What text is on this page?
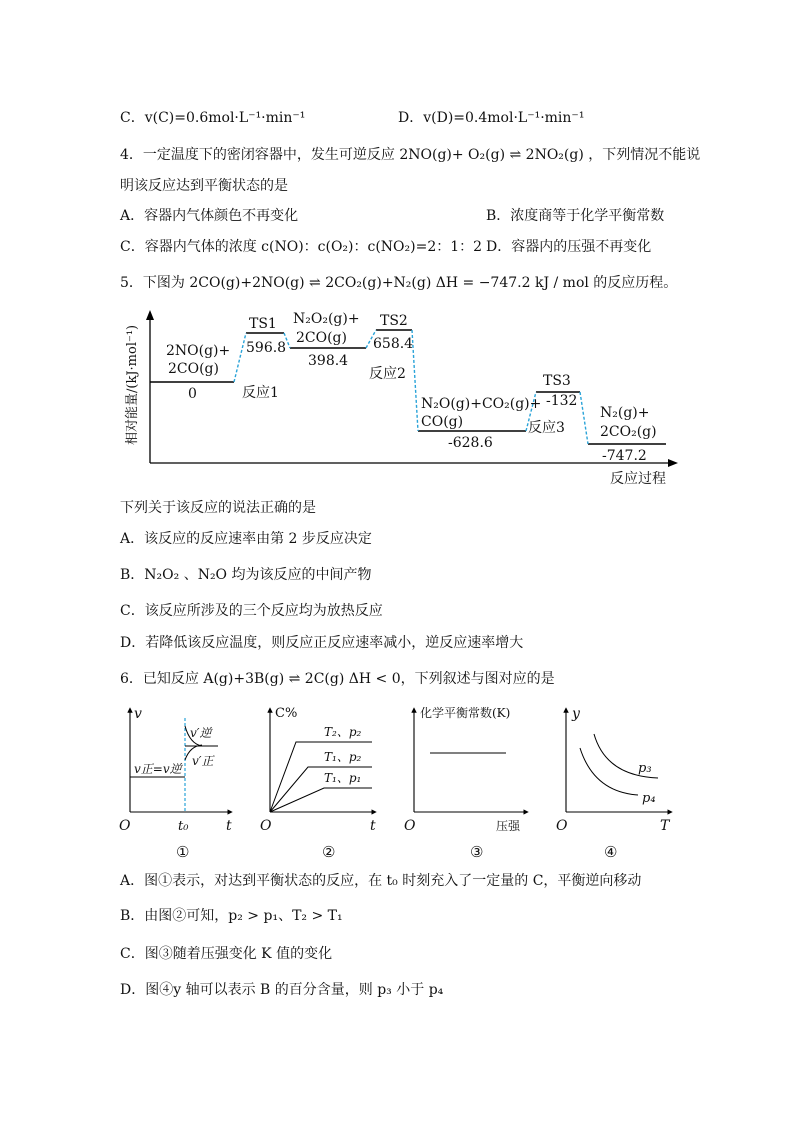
C．v(C)=0.6mol·L⁻¹·min⁻¹	D．v(D)=0.4mol·L⁻¹·min⁻¹
4．一定温度下的密闭容器中，发生可逆反应 2NO(g)+ O₂(g) ⇌ 2NO₂(g) ，下列情况不能说
明该反应达到平衡状态的是
A．容器内气体颜色不再变化	B．浓度商等于化学平衡常数
C．容器内气体的浓度 c(NO)：c(O₂)：c(NO₂)=2：1：2 D．容器内的压强不再变化
5．下图为 2CO(g)+2NO(g) ⇌ 2CO₂(g)+N₂(g) ΔH = −747.2 kJ / mol 的反应历程。
相对能量/(kJ·mol⁻¹)
反应过程
2NO(g)+
2CO(g)
0
TS1
596.8
N₂O₂(g)+
2CO(g)
398.4
TS2
658.4
反应2
反应1
N₂O(g)+CO₂(g)+
CO(g)
-628.6
TS3
-132
反应3
N₂(g)+
2CO₂(g)
-747.2
下列关于该反应的说法正确的是
A．该反应的反应速率由第 2 步反应决定
B．N₂O₂ 、N₂O 均为该反应的中间产物
C．该反应所涉及的三个反应均为放热反应
D．若降低该反应温度，则反应正反应速率减小，逆反应速率增大
6．已知反应 A(g)+3B(g) ⇌ 2C(g) ΔH < 0，下列叙述与图对应的是
v
t
O	t₀
v正=v逆
v′逆
v′正
①
C%
t
O
T₂、p₂
T₁、p₂
T₁、p₁
②
化学平衡常数(K)
压强
O
③
y
T
O
p₃
p₄
④
A．图①表示，对达到平衡状态的反应，在 t₀ 时刻充入了一定量的 C，平衡逆向移动
B．由图②可知，p₂ > p₁、T₂ > T₁
C．图③随着压强变化 K 值的变化
D．图④y 轴可以表示 B 的百分含量，则 p₃ 小于 p₄
